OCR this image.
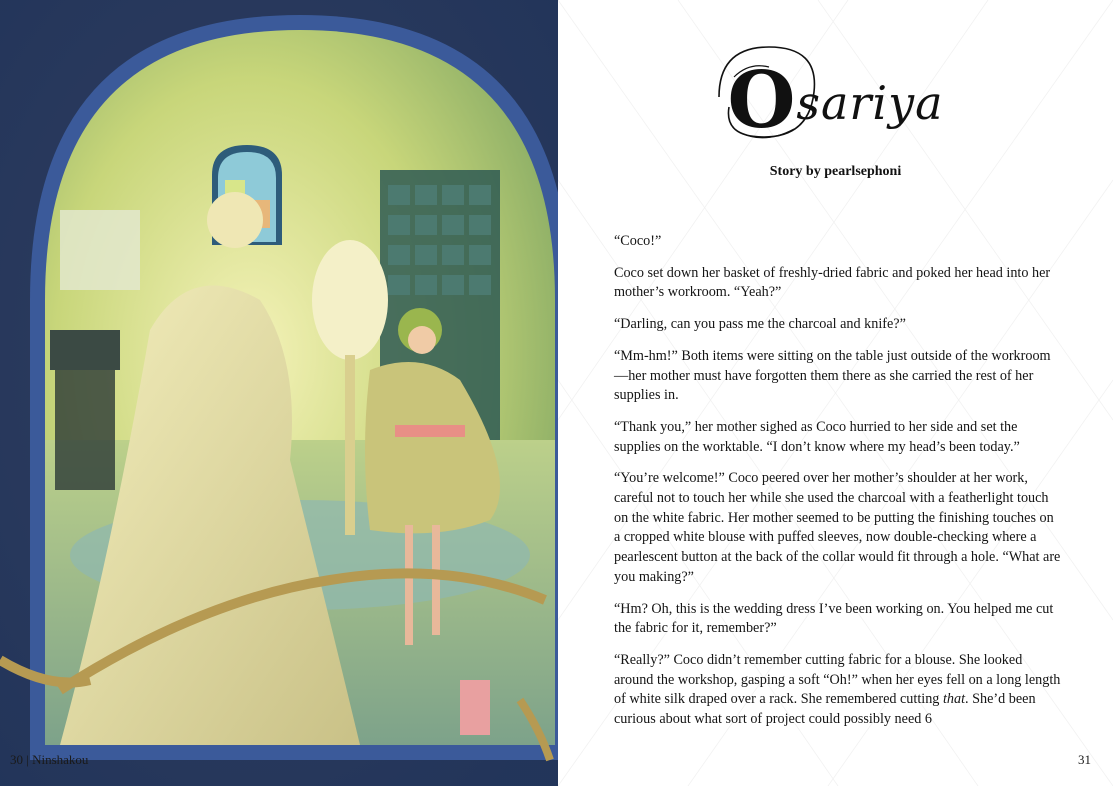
30 | Ninshakou
Osariya
Story by pearlsephoni

“Coco!”

Coco set down her basket of freshly-dried fabric and poked her head into her mother’s workroom. “Yeah?”

“Darling, can you pass me the charcoal and knife?”

“Mm-hm!” Both items were sitting on the table just outside of the workroom—her mother must have forgotten them there as she carried the rest of her supplies in.

“Thank you,” her mother sighed as Coco hurried to her side and set the supplies on the worktable. “I don’t know where my head’s been today.”

“You’re welcome!” Coco peered over her mother’s shoulder at her work, careful not to touch her while she used the charcoal with a featherlight touch on the white fabric. Her mother seemed to be putting the finishing touches on a cropped white blouse with puffed sleeves, now double-checking where a pearlescent button at the back of the collar would fit through a hole. “What are you making?”

“Hm? Oh, this is the wedding dress I’ve been working on. You helped me cut the fabric for it, remember?”

“Really?” Coco didn’t remember cutting fabric for a blouse. She looked around the workshop, gasping a soft “Oh!” when her eyes fell on a long length of white silk draped over a rack. She remembered cutting that. She’d been curious about what sort of project could possibly need 6

31
